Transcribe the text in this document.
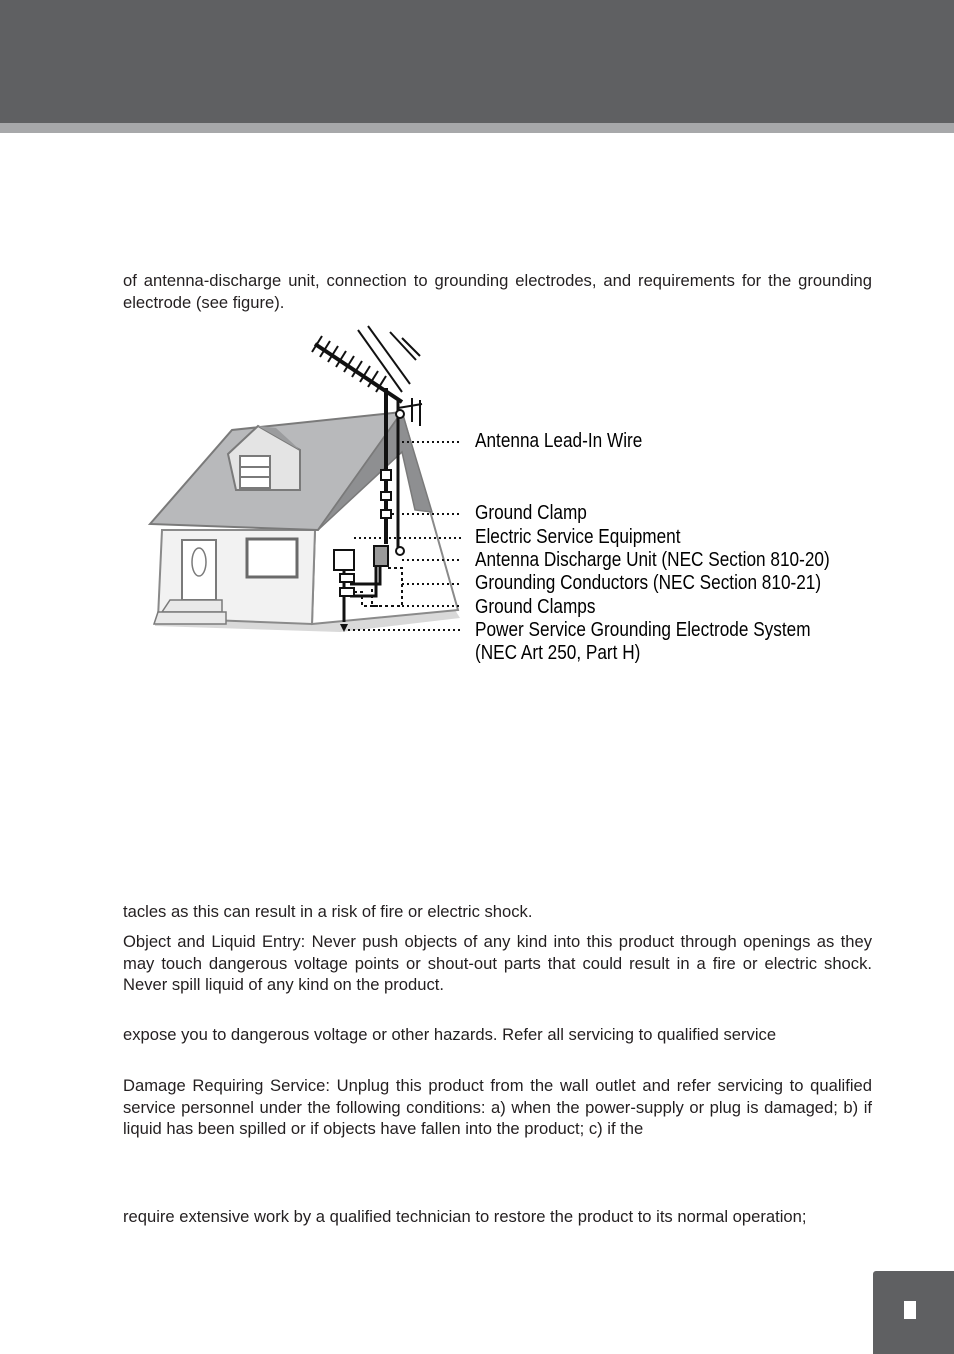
of antenna-discharge unit, connection to grounding electrodes, and requirements for the grounding electrode (see figure).

Antenna Lead-In Wire
Ground Clamp
Electric Service Equipment
Antenna Discharge Unit (NEC Section 810-20)
Grounding Conductors (NEC Section 810-21)
Ground Clamps
Power Service Grounding Electrode System
(NEC Art 250, Part H)

tacles as this can result in a risk of fire or electric shock.

Object and Liquid Entry: Never push objects of any kind into this product through openings as they may touch dangerous voltage points or shout-out parts that could result in a fire or electric shock. Never spill liquid of any kind on the product.

expose you to dangerous voltage or other hazards. Refer all servicing to qualified service

Damage Requiring Service: Unplug this product from the wall outlet and refer servicing to qualified service personnel under the following conditions: a) when the power-supply or plug is damaged; b) if liquid has been spilled or if objects have fallen into the product; c) if the

require extensive work by a qualified technician to restore the product to its normal operation;
